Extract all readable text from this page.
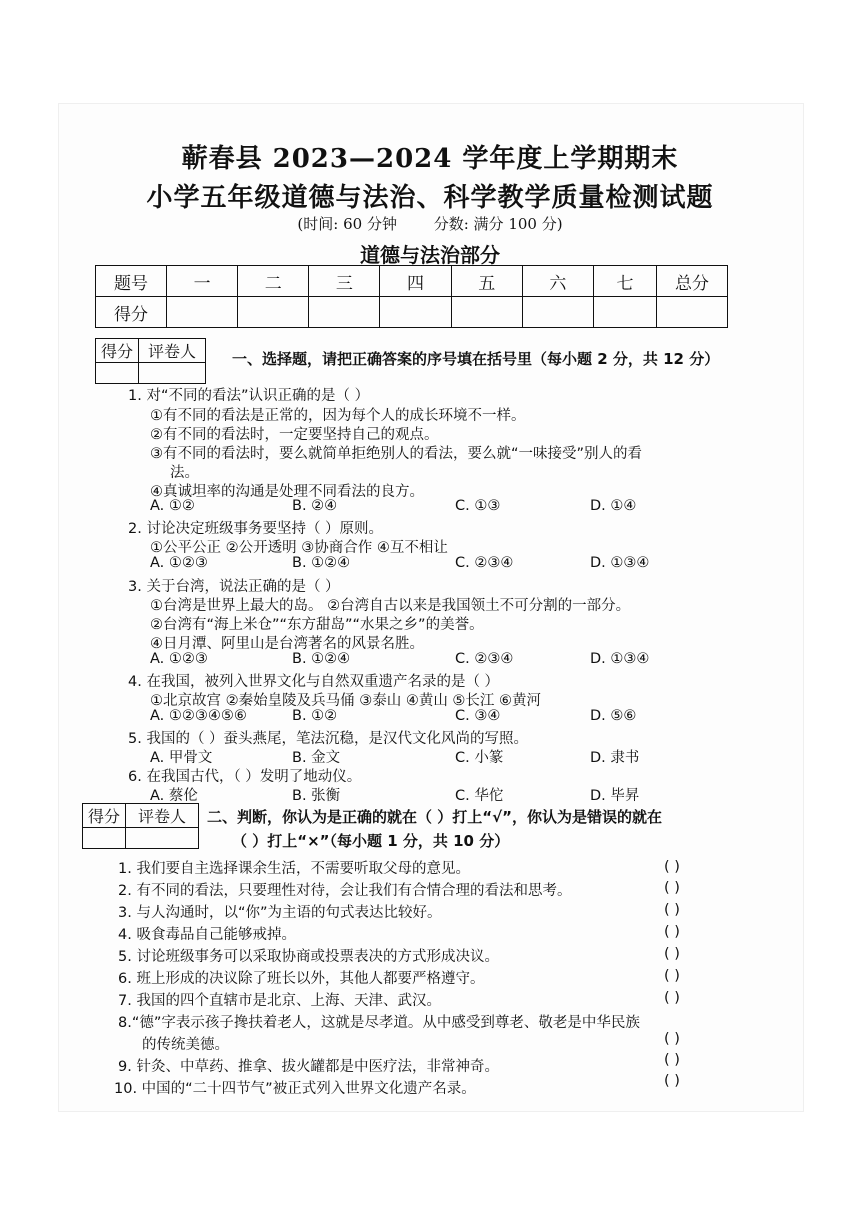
蕲春县 2023—2024 学年度上学期期末
小学五年级道德与法治、科学教学质量检测试题
(时间: 60 分钟 分数: 满分 100 分)
道德与法治部分
题号	一	二	三	四	五	六	七	总分
得分								
得分	评卷人
	一、选择题，请把正确答案的序号填在括号里（每小题 2 分，共 12 分）
1. 对“不同的看法”认识正确的是（ ）
①有不同的看法是正常的，因为每个人的成长环境不一样。
②有不同的看法时，一定要坚持自己的观点。
③有不同的看法时，要么就简单拒绝别人的看法，要么就“一味接受”别人的看
法。
④真诚坦率的沟通是处理不同看法的良方。
A. ①②	B. ②④	C. ①③	D. ①④
2. 讨论决定班级事务要坚持（ ）原则。
①公平公正 ②公开透明 ③协商合作 ④互不相让
A. ①②③	B. ①②④	C. ②③④	D. ①③④
3. 关于台湾，说法正确的是（ ）
①台湾是世界上最大的岛。 ②台湾自古以来是我国领土不可分割的一部分。
②台湾有“海上米仓”“东方甜岛”“水果之乡”的美誉。
④日月潭、阿里山是台湾著名的风景名胜。
A. ①②③	B. ①②④	C. ②③④	D. ①③④
4. 在我国，被列入世界文化与自然双重遗产名录的是（ ）
①北京故宫 ②秦始皇陵及兵马俑 ③泰山 ④黄山 ⑤长江 ⑥黄河
A. ①②③④⑤⑥	B. ①②	C. ③④	D. ⑤⑥
5. 我国的（ ）蚕头燕尾，笔法沉稳，是汉代文化风尚的写照。
A. 甲骨文	B. 金文	C. 小篆	D. 隶书
6. 在我国古代，（ ）发明了地动仪。
A. 蔡伦	B. 张衡	C. 华佗	D. 毕昇
得分	评卷人
	二、判断，你认为是正确的就在（ ）打上“√”，你认为是错误的就在
（ ）打上“×”（每小题 1 分，共 10 分）
1. 我们要自主选择课余生活，不需要听取父母的意见。	( )
2. 有不同的看法，只要理性对待，会让我们有合情合理的看法和思考。	( )
3. 与人沟通时，以“你”为主语的句式表达比较好。	( )
4. 吸食毒品自己能够戒掉。	( )
5. 讨论班级事务可以采取协商或投票表决的方式形成决议。	( )
6. 班上形成的决议除了班长以外，其他人都要严格遵守。	( )
7. 我国的四个直辖市是北京、上海、天津、武汉。	( )
8.“德”字表示孩子搀扶着老人，这就是尽孝道。从中感受到尊老、敬老是中华民族
的传统美德。	( )
9. 针灸、中草药、推拿、拔火罐都是中医疗法，非常神奇。	( )
10. 中国的“二十四节气”被正式列入世界文化遗产名录。	( )
